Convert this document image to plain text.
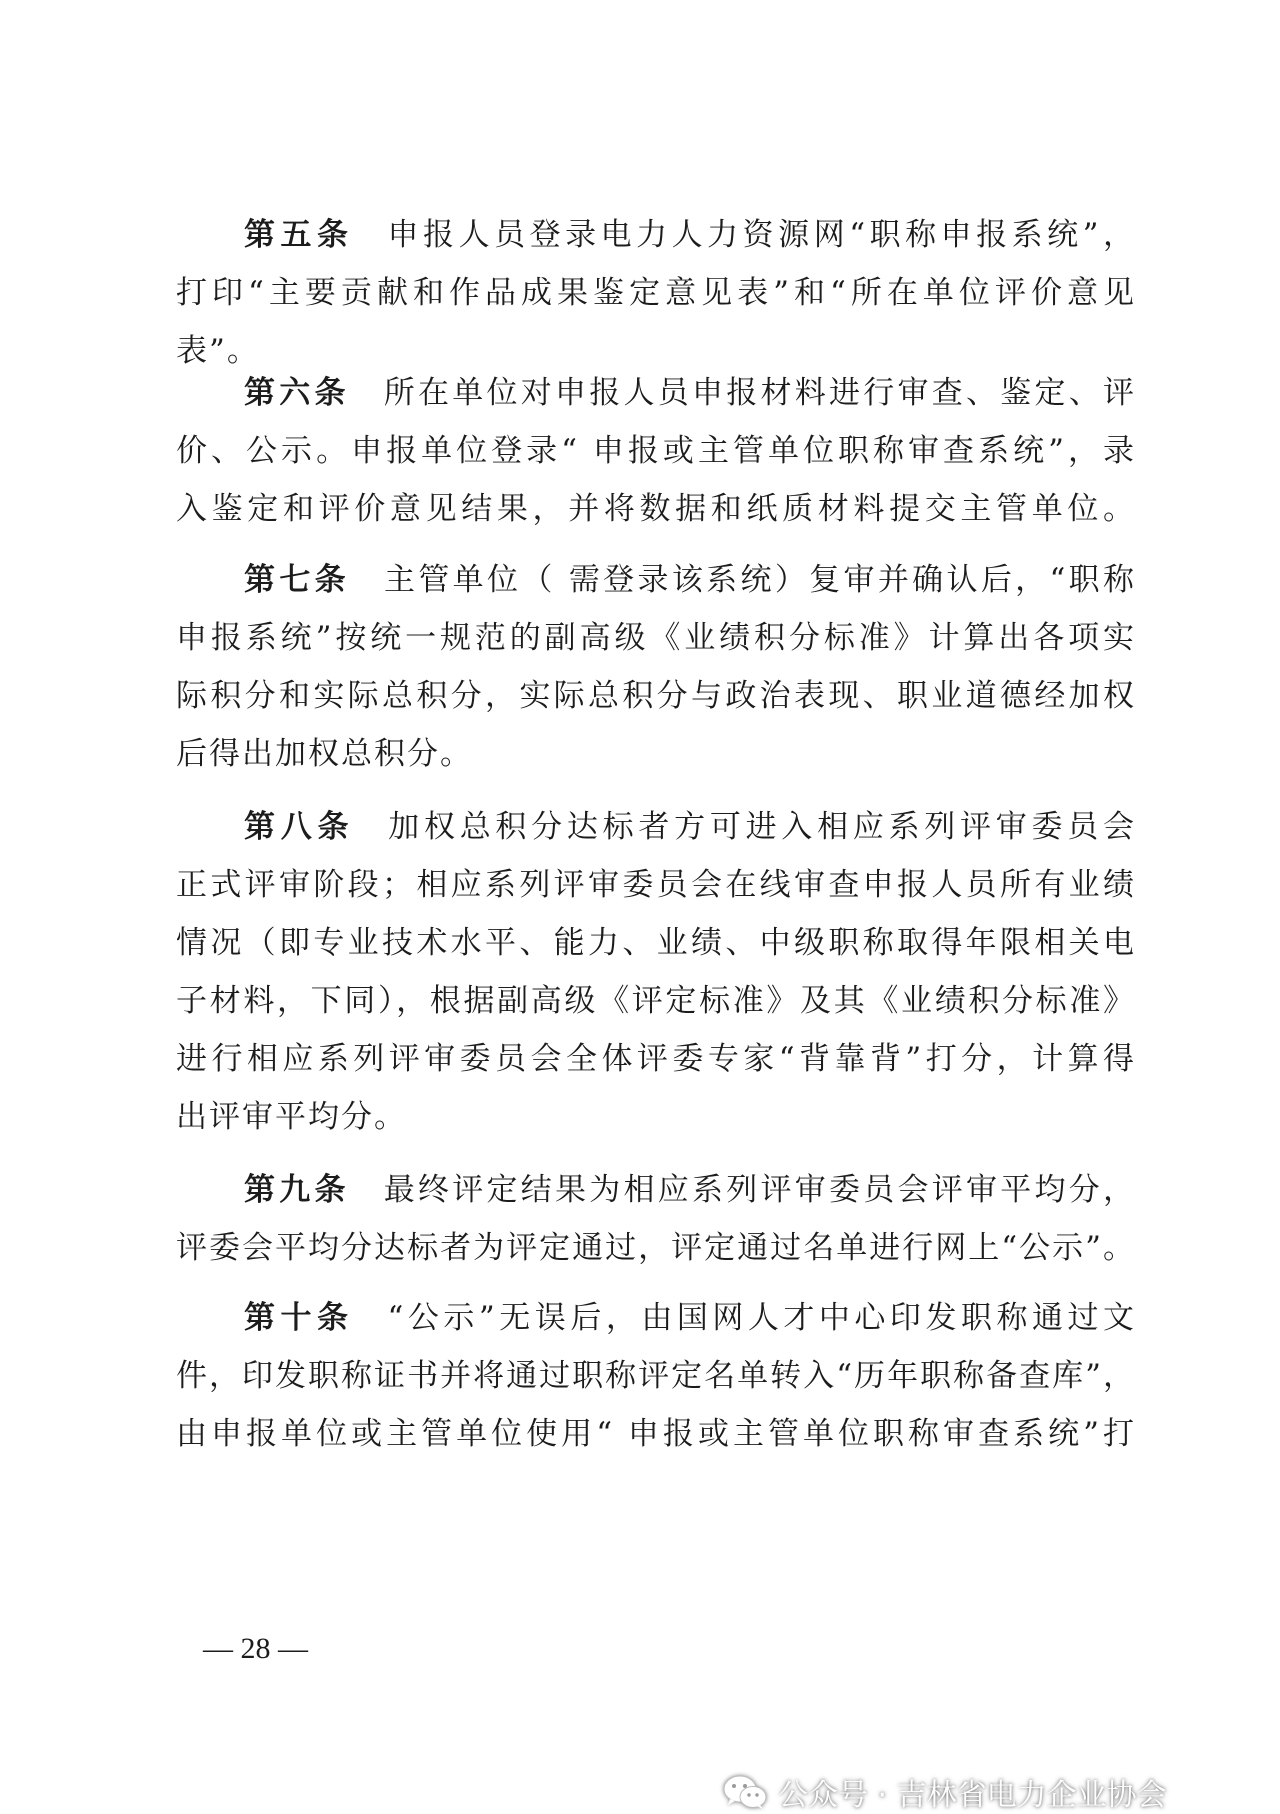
第五条 申报人员登录电力人力资源网“职称申报系统”，
打印“主要贡献和作品成果鉴定意见表”和“所在单位评价意见
表”。
第六条 所在单位对申报人员申报材料进行审查、鉴定、评
价、公示。申报单位登录“ 申报或主管单位职称审查系统”，录
入鉴定和评价意见结果，并将数据和纸质材料提交主管单位。
第七条 主管单位（ 需登录该系统）复审并确认后，“职称
申报系统”按统一规范的副高级《业绩积分标准》计算出各项实
际积分和实际总积分，实际总积分与政治表现、职业道德经加权
后得出加权总积分。
第八条 加权总积分达标者方可进入相应系列评审委员会
正式评审阶段；相应系列评审委员会在线审查申报人员所有业绩
情况（即专业技术水平、能力、业绩、中级职称取得年限相关电
子材料，下同），根据副高级《评定标准》及其《业绩积分标准》
进行相应系列评审委员会全体评委专家“背靠背”打分，计算得
出评审平均分。
第九条 最终评定结果为相应系列评审委员会评审平均分，
评委会平均分达标者为评定通过，评定通过名单进行网上“公示”。
第十条 “公示”无误后，由国网人才中心印发职称通过文
件，印发职称证书并将通过职称评定名单转入“历年职称备查库”，
由申报单位或主管单位使用“ 申报或主管单位职称审查系统”打
— 28 —
公众号 · 吉林省电力企业协会
